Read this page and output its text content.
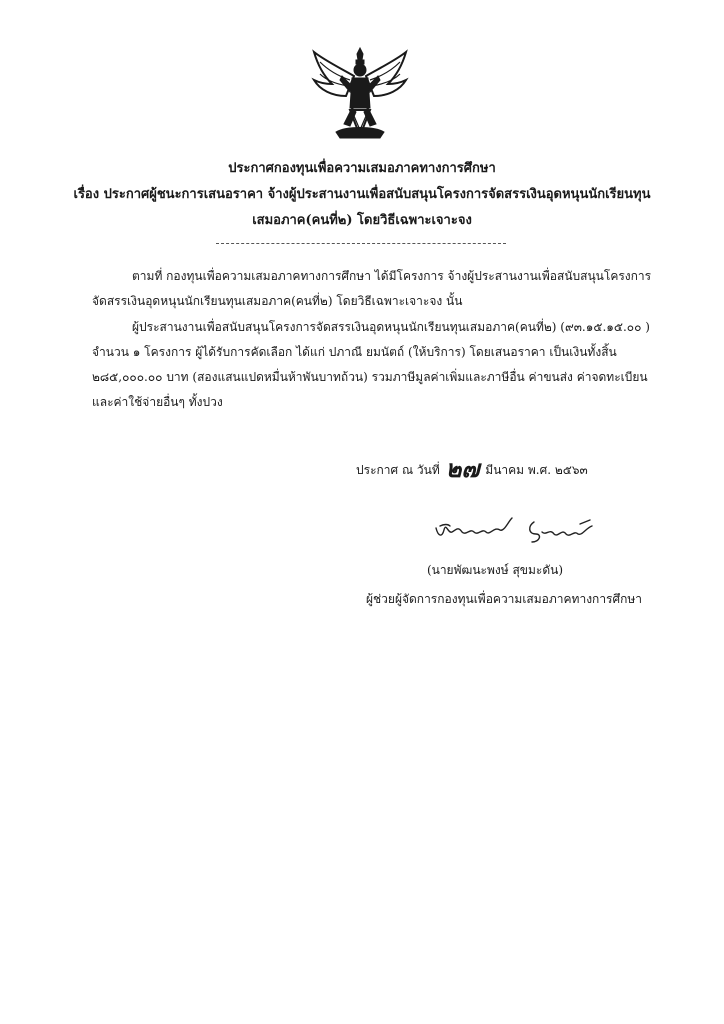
ประกาศกองทุนเพื่อความเสมอภาคทางการศึกษา
เรื่อง ประกาศผู้ชนะการเสนอราคา จ้างผู้ประสานงานเพื่อสนับสนุนโครงการจัดสรรเงินอุดหนุนนักเรียนทุน
เสมอภาค(คนที่๒) โดยวิธีเฉพาะเจาะจง
ตามที่ กองทุนเพื่อความเสมอภาคทางการศึกษา ได้มีโครงการ จ้างผู้ประสานงานเพื่อสนับสนุนโครงการจัดสรรเงินอุดหนุนนักเรียนทุนเสมอภาค(คนที่๒) โดยวิธีเฉพาะเจาะจง นั้น
ผู้ประสานงานเพื่อสนับสนุนโครงการจัดสรรเงินอุดหนุนนักเรียนทุนเสมอภาค(คนที่๒) (๙๓.๑๕.๑๕.๐๐ ) จำนวน ๑ โครงการ ผู้ได้รับการคัดเลือก ได้แก่ ปภาณี ยมนัตถ์ (ให้บริการ) โดยเสนอราคา เป็นเงินทั้งสิ้น ๒๘๕,๐๐๐.๐๐ บาท (สองแสนแปดหมื่นห้าพันบาทถ้วน) รวมภาษีมูลค่าเพิ่มและภาษีอื่น ค่าขนส่ง ค่าจดทะเบียน และค่าใช้จ่ายอื่นๆ ทั้งปวง
ประกาศ ณ วันที่ ๒๗ มีนาคม พ.ศ. ๒๕๖๓
(นายพัฒนะพงษ์ สุขมะดัน)
ผู้ช่วยผู้จัดการกองทุนเพื่อความเสมอภาคทางการศึกษา
